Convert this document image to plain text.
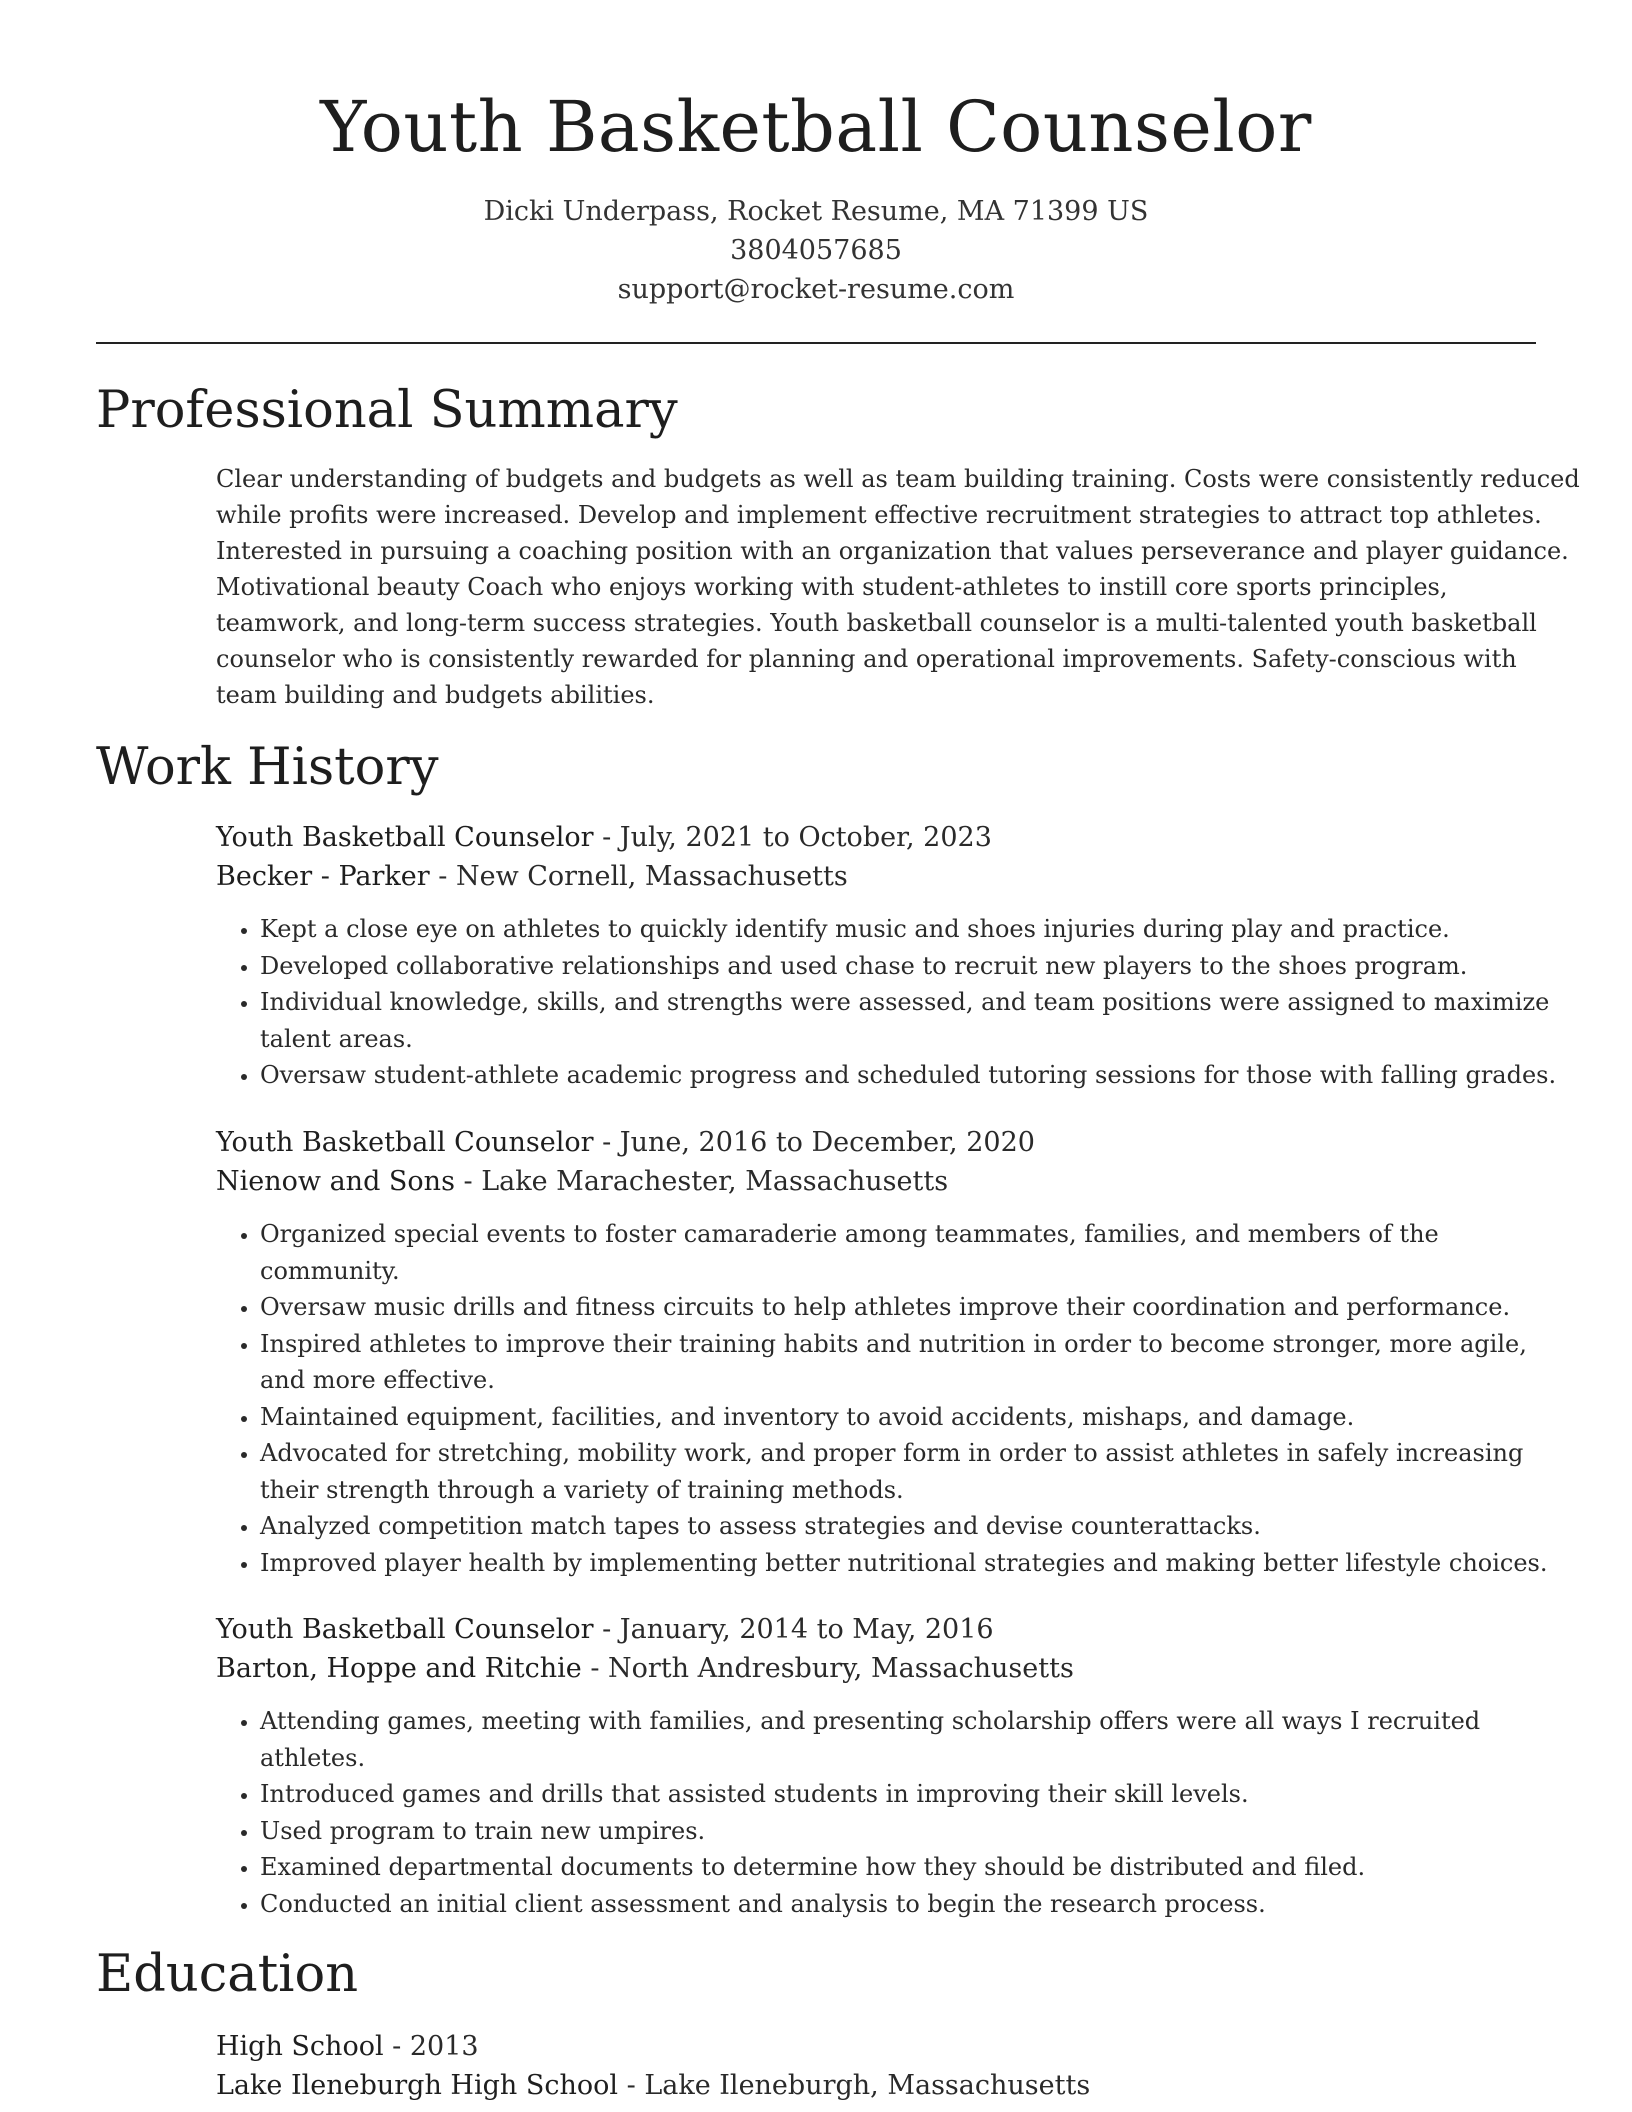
Youth Basketball Counselor
Dicki Underpass, Rocket Resume, MA 71399 US
3804057685
support@rocket-resume.com
Professional Summary
Clear understanding of budgets and budgets as well as team building training. Costs were consistently reduced
while profits were increased. Develop and implement effective recruitment strategies to attract top athletes.
Interested in pursuing a coaching position with an organization that values perseverance and player guidance.
Motivational beauty Coach who enjoys working with student-athletes to instill core sports principles,
teamwork, and long-term success strategies. Youth basketball counselor is a multi-talented youth basketball
counselor who is consistently rewarded for planning and operational improvements. Safety-conscious with
team building and budgets abilities.
Work History
Youth Basketball Counselor - July, 2021 to October, 2023
Becker - Parker - New Cornell, Massachusetts
• Kept a close eye on athletes to quickly identify music and shoes injuries during play and practice.
• Developed collaborative relationships and used chase to recruit new players to the shoes program.
• Individual knowledge, skills, and strengths were assessed, and team positions were assigned to maximize
talent areas.
• Oversaw student-athlete academic progress and scheduled tutoring sessions for those with falling grades.
Youth Basketball Counselor - June, 2016 to December, 2020
Nienow and Sons - Lake Marachester, Massachusetts
• Organized special events to foster camaraderie among teammates, families, and members of the
community.
• Oversaw music drills and fitness circuits to help athletes improve their coordination and performance.
• Inspired athletes to improve their training habits and nutrition in order to become stronger, more agile,
and more effective.
• Maintained equipment, facilities, and inventory to avoid accidents, mishaps, and damage.
• Advocated for stretching, mobility work, and proper form in order to assist athletes in safely increasing
their strength through a variety of training methods.
• Analyzed competition match tapes to assess strategies and devise counterattacks.
• Improved player health by implementing better nutritional strategies and making better lifestyle choices.
Youth Basketball Counselor - January, 2014 to May, 2016
Barton, Hoppe and Ritchie - North Andresbury, Massachusetts
• Attending games, meeting with families, and presenting scholarship offers were all ways I recruited
athletes.
• Introduced games and drills that assisted students in improving their skill levels.
• Used program to train new umpires.
• Examined departmental documents to determine how they should be distributed and filed.
• Conducted an initial client assessment and analysis to begin the research process.
Education
High School - 2013
Lake Ileneburgh High School - Lake Ileneburgh, Massachusetts
